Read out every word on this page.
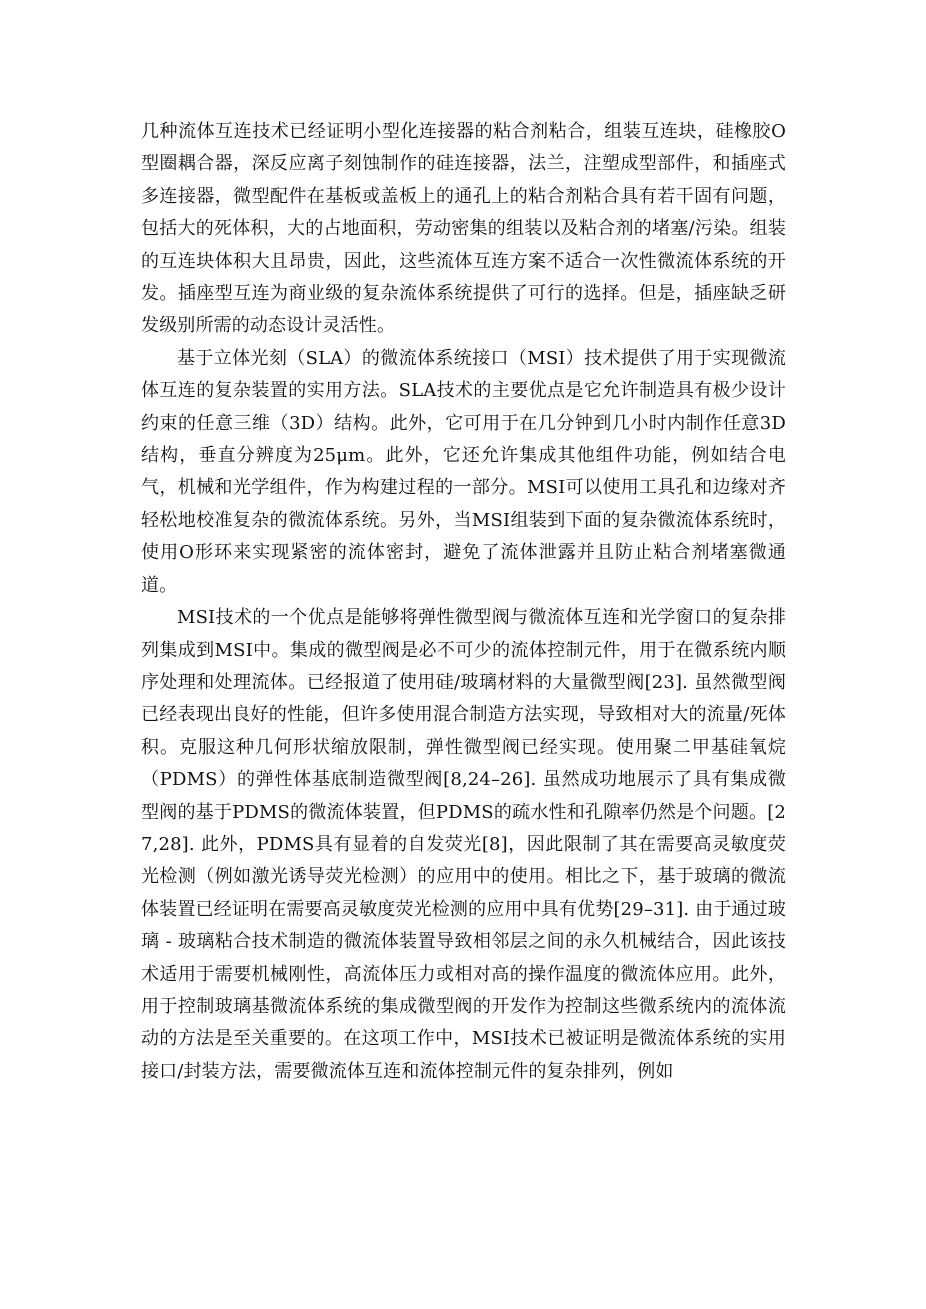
几种流体互连技术已经证明小型化连接器的粘合剂粘合，组装互连块，硅橡胶O型圈耦合器，深反应离子刻蚀制作的硅连接器，法兰，注塑成型部件，和插座式多连接器，微型配件在基板或盖板上的通孔上的粘合剂粘合具有若干固有问题，包括大的死体积，大的占地面积，劳动密集的组装以及粘合剂的堵塞/污染。组装的互连块体积大且昂贵，因此，这些流体互连方案不适合一次性微流体系统的开发。插座型互连为商业级的复杂流体系统提供了可行的选择。但是，插座缺乏研发级别所需的动态设计灵活性。

基于立体光刻（SLA）的微流体系统接口（MSI）技术提供了用于实现微流体互连的复杂装置的实用方法。SLA技术的主要优点是它允许制造具有极少设计约束的任意三维（3D）结构。此外，它可用于在几分钟到几小时内制作任意3D结构，垂直分辨度为25μm。此外，它还允许集成其他组件功能，例如结合电气，机械和光学组件，作为构建过程的一部分。MSI可以使用工具孔和边缘对齐轻松地校准复杂的微流体系统。另外，当MSI组装到下面的复杂微流体系统时，使用O形环来实现紧密的流体密封，避免了流体泄露并且防止粘合剂堵塞微通道。

MSI技术的一个优点是能够将弹性微型阀与微流体互连和光学窗口的复杂排列集成到MSI中。集成的微型阀是必不可少的流体控制元件，用于在微系统内顺序处理和处理流体。已经报道了使用硅/玻璃材料的大量微型阀[23]. 虽然微型阀已经表现出良好的性能，但许多使用混合制造方法实现，导致相对大的流量/死体积。克服这种几何形状缩放限制，弹性微型阀已经实现。使用聚二甲基硅氧烷（PDMS）的弹性体基底制造微型阀[8,24–26]. 虽然成功地展示了具有集成微型阀的基于PDMS的微流体装置，但PDMS的疏水性和孔隙率仍然是个问题。[27,28]. 此外，PDMS具有显着的自发荧光[8]，因此限制了其在需要高灵敏度荧光检测（例如激光诱导荧光检测）的应用中的使用。相比之下，基于玻璃的微流体装置已经证明在需要高灵敏度荧光检测的应用中具有优势[29–31]. 由于通过玻璃 - 玻璃粘合技术制造的微流体装置导致相邻层之间的永久机械结合，因此该技术适用于需要机械刚性，高流体压力或相对高的操作温度的微流体应用。此外，用于控制玻璃基微流体系统的集成微型阀的开发作为控制这些微系统内的流体流动的方法是至关重要的。在这项工作中，MSI技术已被证明是微流体系统的实用接口/封装方法，需要微流体互连和流体控制元件的复杂排列，例如
